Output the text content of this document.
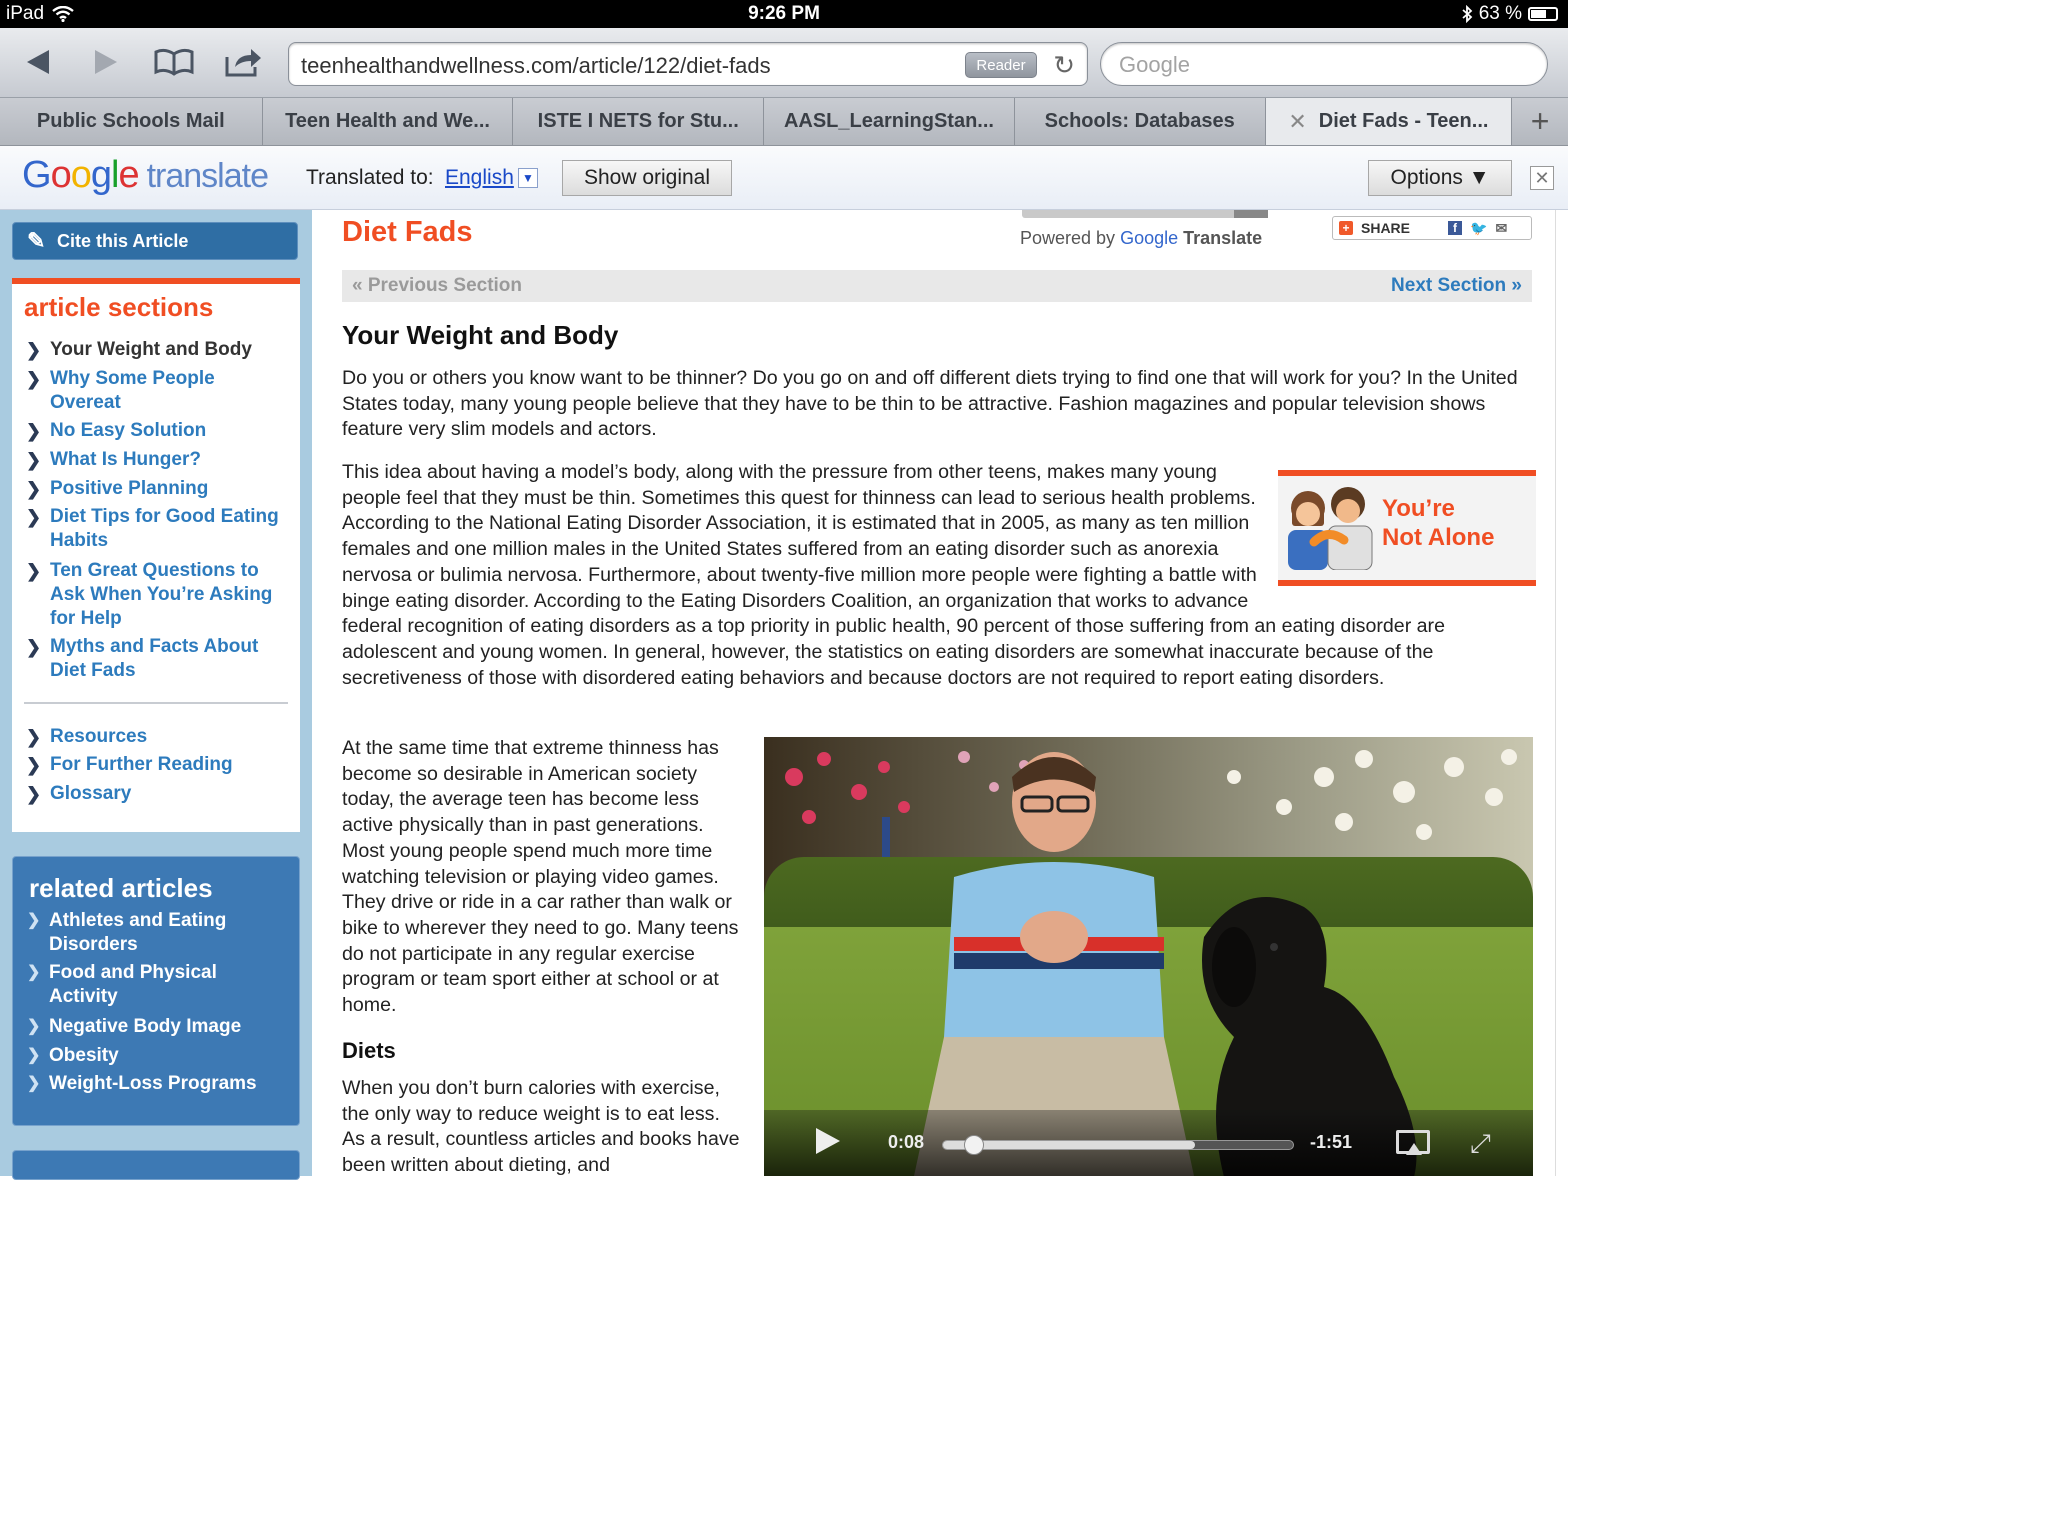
iPad	9:26 PM	63 %
teenhealthandwellness.com/article/122/diet-fads	Reader	↻
Google
Public Schools Mail	Teen Health and We... ISTE I NETS for Stu... AASL_LearningStan...	Schools: Databases ✕ Diet Fads - Teen... +
Google translate Translated to: English ▼	Show original	Options ▼	✕
✎ Cite this Article
article sections
❯ Your Weight and Body
❯ Why Some People Overeat
❯ No Easy Solution
❯ What Is Hunger?
❯ Positive Planning
❯ Diet Tips for Good Eating Habits
❯ Ten Great Questions to Ask When You’re Asking for Help
❯ Myths and Facts About Diet Fads
❯ Resources
❯ For Further Reading
❯ Glossary
related articles
❯ Athletes and Eating Disorders
❯ Food and Physical Activity
❯ Negative Body Image
❯ Obesity
❯ Weight-Loss Programs
Diet Fads	Powered by Google Translate	+ SHARE	f 🐦 ✉
« Previous Section	Next Section »
Your Weight and Body

Do you or others you know want to be thinner? Do you go on and off different diets trying to find one that will work for you? In the United States today, many young people believe that they have to be thin to be attractive. Fashion magazines and popular television shows feature very slim models and actors.

You’re
Not Alone
This idea about having a model’s body, along with the pressure from other teens, makes many young people feel that they must be thin. Sometimes this quest for thinness can lead to serious health problems. According to the National Eating Disorder Association, it is estimated that in 2005, as many as ten million females and one million males in the United States suffered from an eating disorder such as anorexia nervosa or bulimia nervosa. Furthermore, about twenty-five million more people were fighting a battle with binge eating disorder. According to the Eating Disorders Coalition, an organization that works to advance federal recognition of eating disorders as a top priority in public health, 90 percent of those suffering from an eating disorder are adolescent and young women. In general, however, the statistics on eating disorders are somewhat inaccurate because of the secretiveness of those with disordered eating behaviors and because doctors are not required to report eating disorders.

At the same time that extreme thinness has become so desirable in American society today, the average teen has become less active physically than in past generations. Most young people spend much more time watching television or playing video games. They drive or ride in a car rather than walk or bike to wherever they need to go. Many teens do not participate in any regular exercise program or team sport either at school or at home.

Diets

When you don’t burn calories with exercise, the only way to reduce weight is to eat less. As a result, countless articles and books have been written about dieting, and

0:08	-1:51	⤢
